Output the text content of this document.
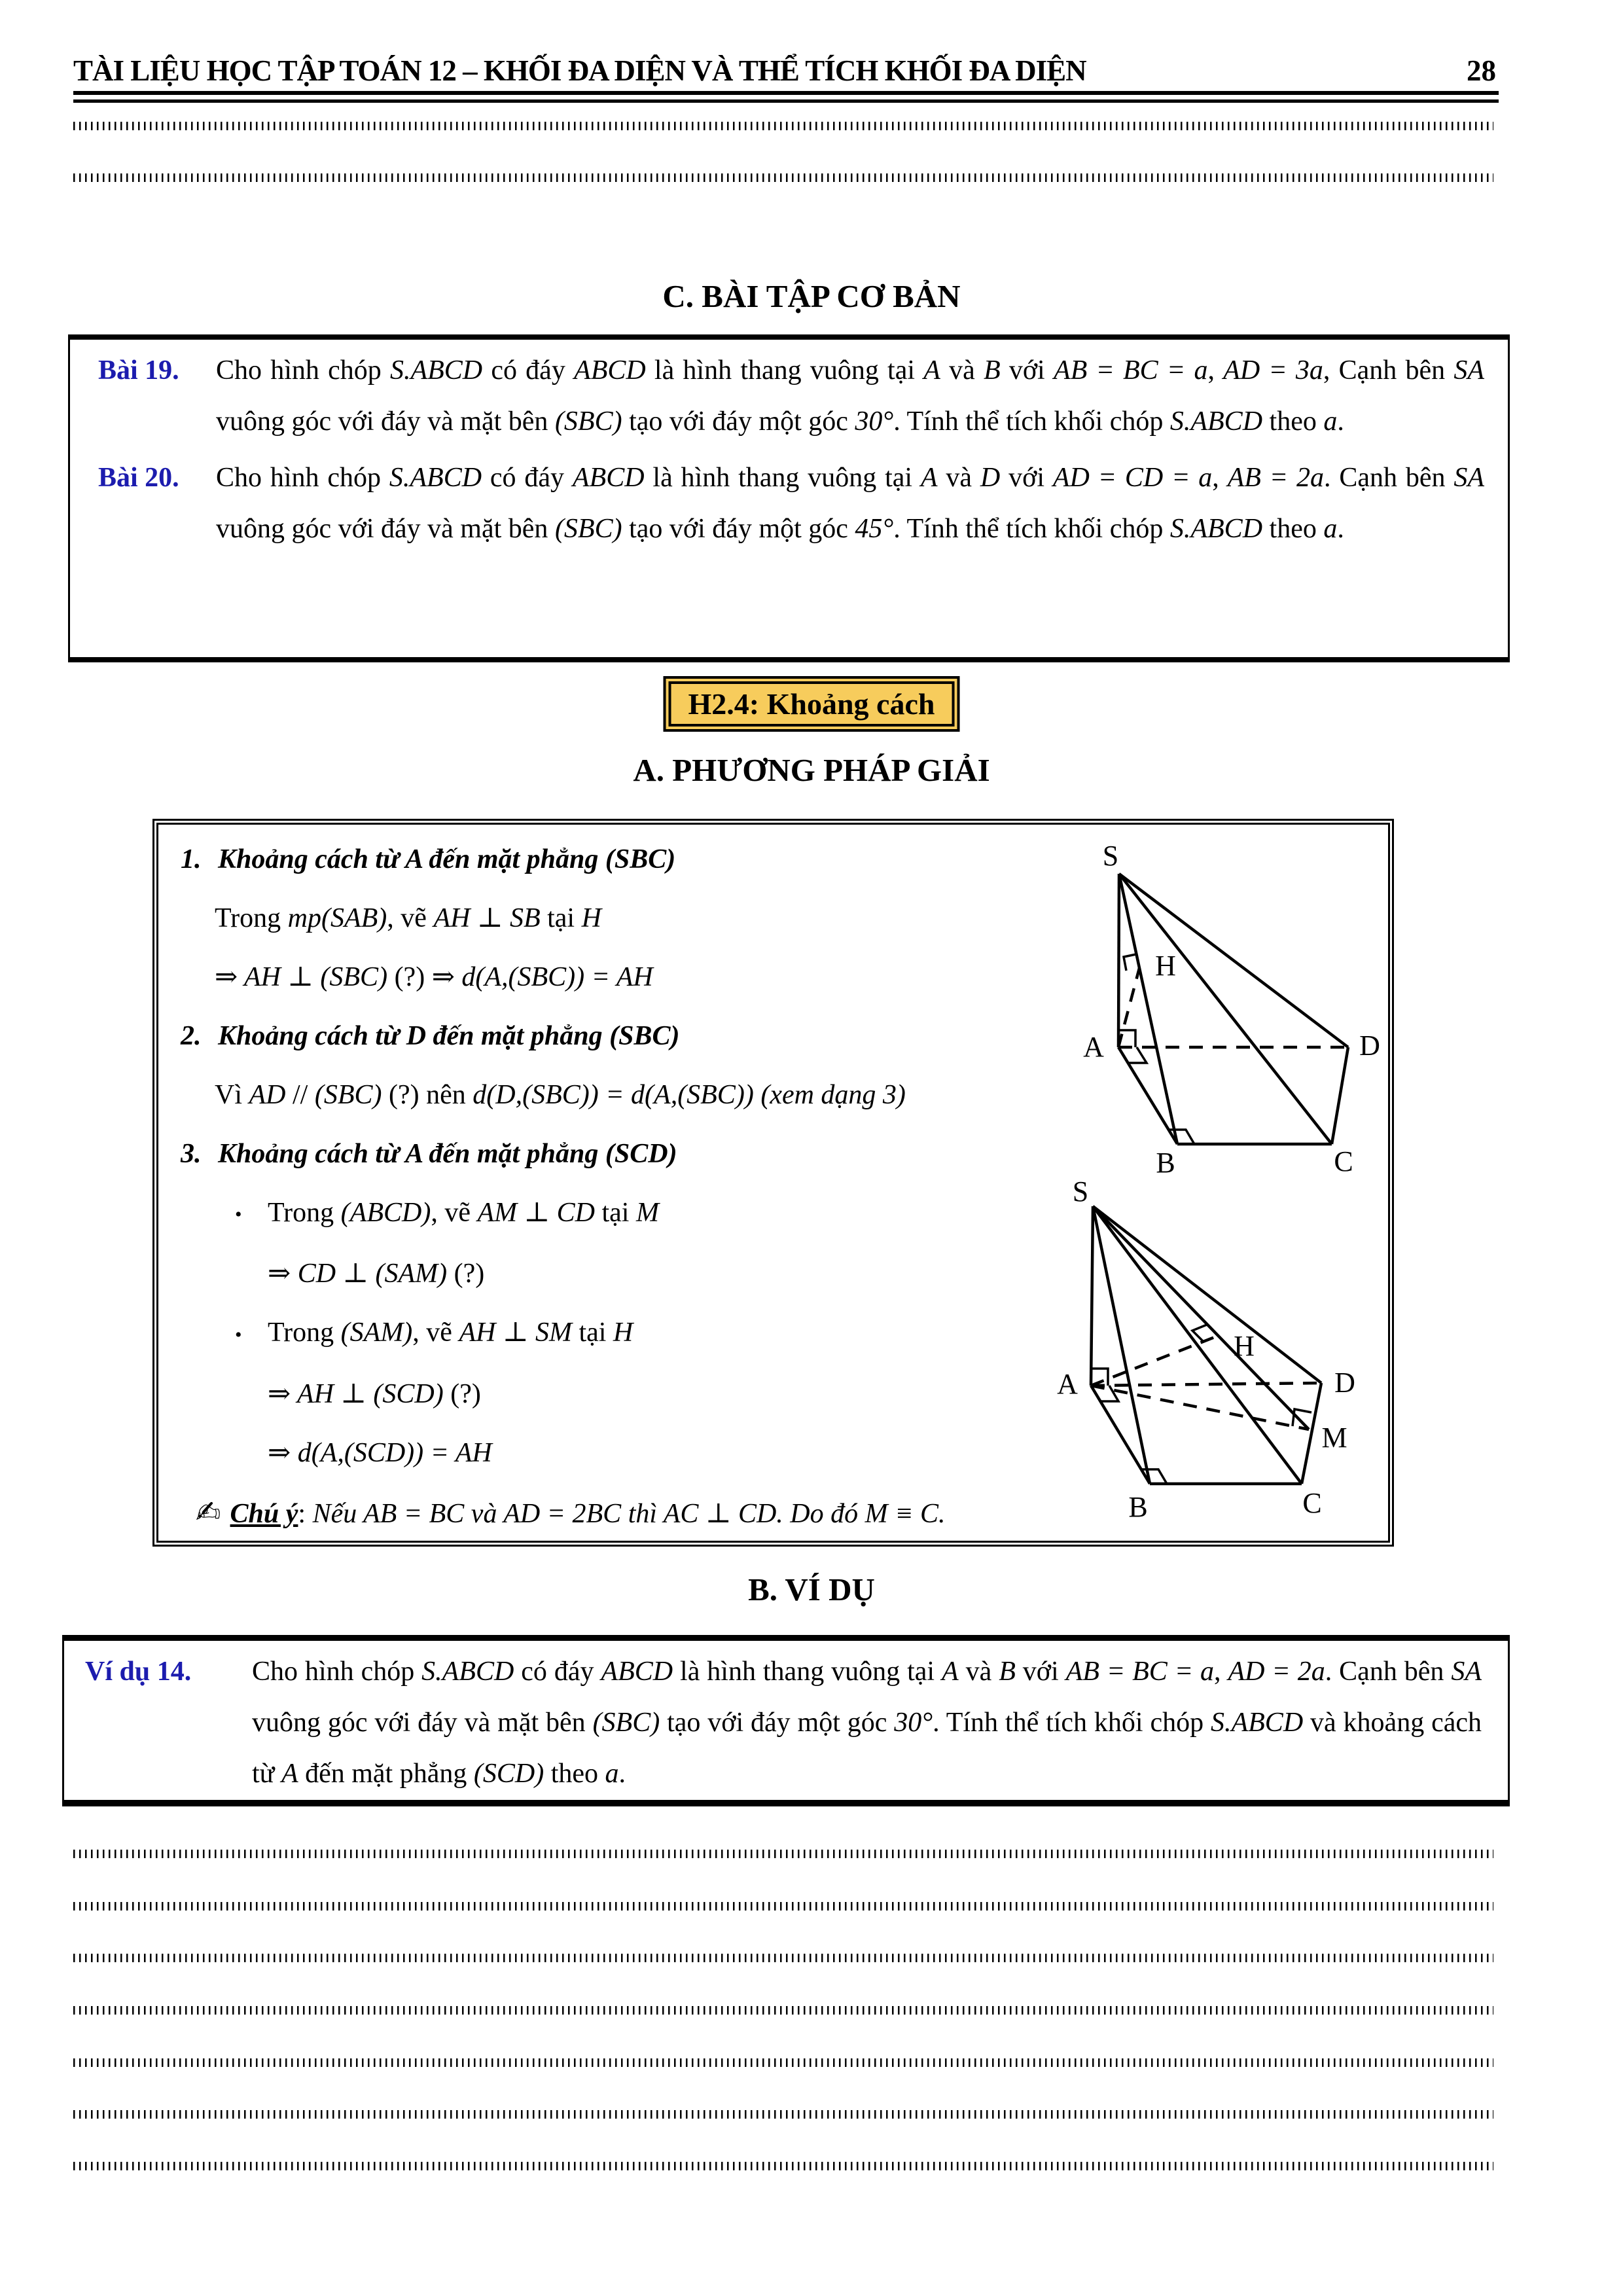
TÀI LIỆU HỌC TẬP TOÁN 12 – KHỐI ĐA DIỆN VÀ THỂ TÍCH KHỐI ĐA DIỆN	28
C. BÀI TẬP CƠ BẢN
Bài 19. Cho hình chóp S.ABCD có đáy ABCD là hình thang vuông tại A và B với AB = BC = a, AD = 3a, Cạnh bên SA vuông góc với đáy và mặt bên (SBC) tạo với đáy một góc 30°. Tính thể tích khối chóp S.ABCD theo a.
Bài 20. Cho hình chóp S.ABCD có đáy ABCD là hình thang vuông tại A và D với AD = CD = a, AB = 2a. Cạnh bên SA vuông góc với đáy và mặt bên (SBC) tạo với đáy một góc 45°. Tính thể tích khối chóp S.ABCD theo a.
H2.4: Khoảng cách
A. PHƯƠNG PHÁP GIẢI
1. Khoảng cách từ A đến mặt phẳng (SBC)
Trong mp(SAB), vẽ AH ⊥ SB tại H
⇒ AH ⊥ (SBC) (?) ⇒ d(A,(SBC)) = AH
2. Khoảng cách từ D đến mặt phẳng (SBC)
Vì AD // (SBC) (?) nên d(D,(SBC)) = d(A,(SBC)) (xem dạng 3)
3. Khoảng cách từ A đến mặt phẳng (SCD)
• Trong (ABCD), vẽ AM ⊥ CD tại M
⇒ CD ⊥ (SAM) (?)
• Trong (SAM), vẽ AH ⊥ SM tại H
⇒ AH ⊥ (SCD) (?)
⇒ d(A,(SCD)) = AH
✍ Chú ý: Nếu AB = BC và AD = 2BC thì AC ⊥ CD. Do đó M ≡ C.
S
A	D
B	C
H
S
A	D
B	C
H
M
B. VÍ DỤ
Ví dụ 14. Cho hình chóp S.ABCD có đáy ABCD là hình thang vuông tại A và B với AB = BC = a, AD = 2a. Cạnh bên SA vuông góc với đáy và mặt bên (SBC) tạo với đáy một góc 30°. Tính thể tích khối chóp S.ABCD và khoảng cách từ A đến mặt phẳng (SCD) theo a.
